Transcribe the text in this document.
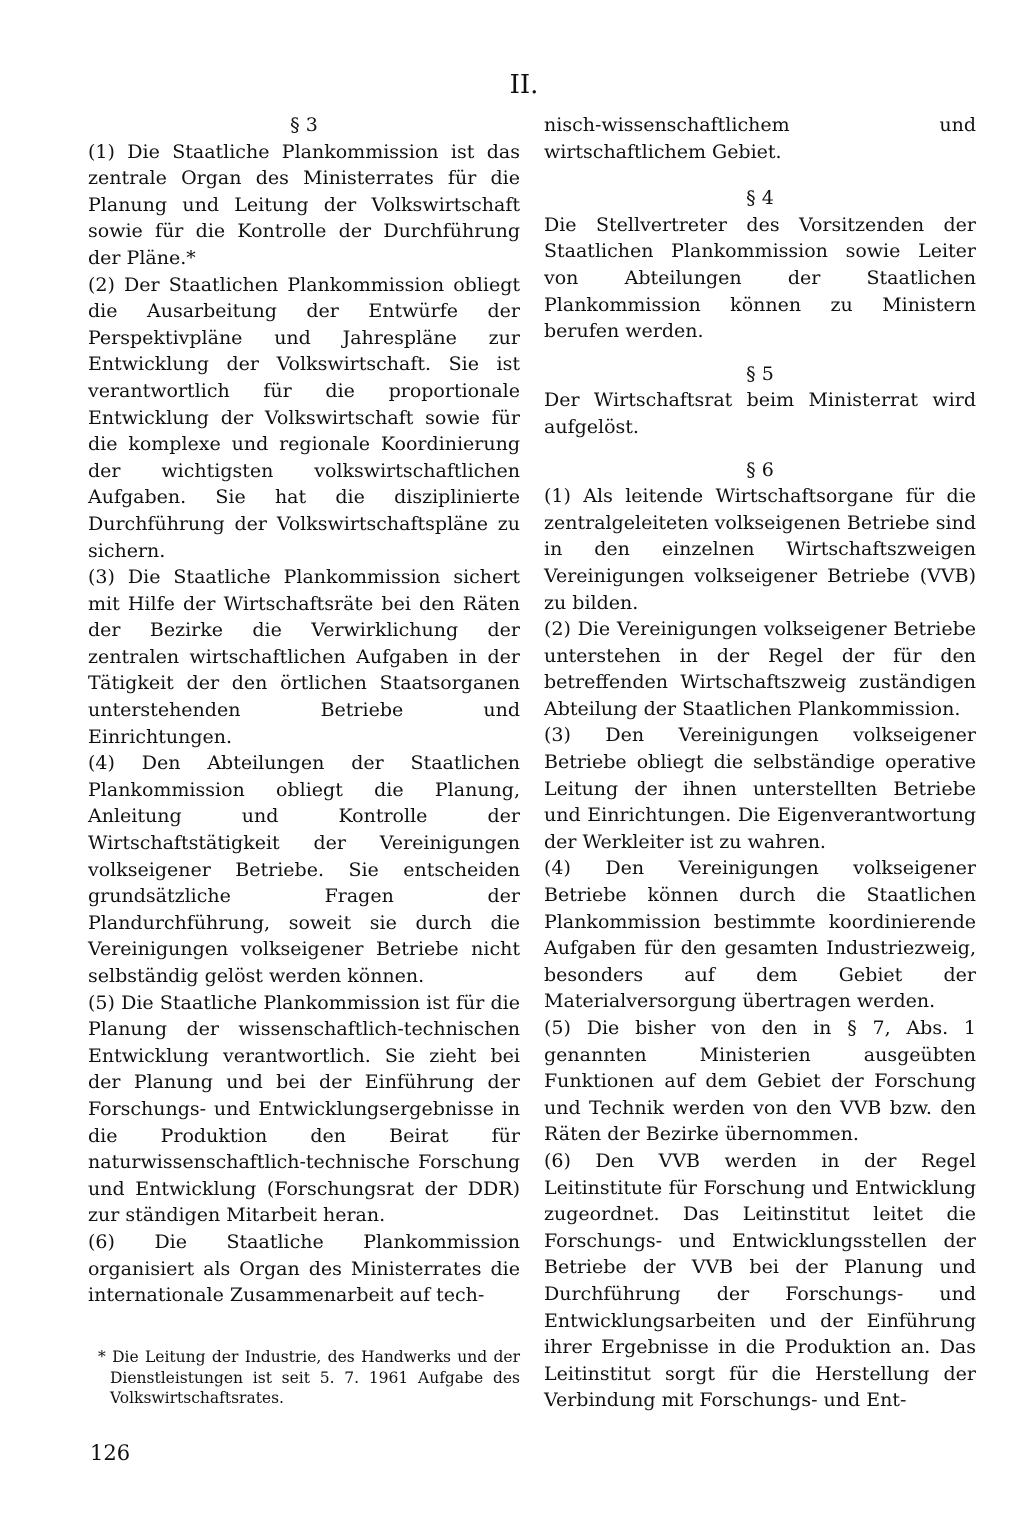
II.

§ 3

(1) Die Staatliche Plankommission ist das zentrale Organ des Ministerrates für die Planung und Leitung der Volkswirtschaft sowie für die Kontrolle der Durchführung der Pläne.*

(2) Der Staatlichen Plankommission obliegt die Ausarbeitung der Entwürfe der Perspektivpläne und Jahrespläne zur Entwicklung der Volkswirtschaft. Sie ist verantwortlich für die proportionale Entwicklung der Volkswirtschaft sowie für die komplexe und regionale Koordinierung der wichtigsten volkswirtschaftlichen Aufgaben. Sie hat die disziplinierte Durchführung der Volkswirtschaftspläne zu sichern.

(3) Die Staatliche Plankommission sichert mit Hilfe der Wirtschaftsräte bei den Räten der Bezirke die Verwirklichung der zentralen wirtschaftlichen Aufgaben in der Tätigkeit der den örtlichen Staatsorganen unterstehenden Betriebe und Einrichtungen.

(4) Den Abteilungen der Staatlichen Plankommission obliegt die Planung, Anleitung und Kontrolle der Wirtschaftstätigkeit der Vereinigungen volkseigener Betriebe. Sie entscheiden grundsätzliche Fragen der Plandurchführung, soweit sie durch die Vereinigungen volkseigener Betriebe nicht selbständig gelöst werden können.

(5) Die Staatliche Plankommission ist für die Planung der wissenschaftlich-technischen Entwicklung verantwortlich. Sie zieht bei der Planung und bei der Einführung der Forschungs- und Entwicklungsergebnisse in die Produktion den Beirat für naturwissenschaftlich-technische Forschung und Entwicklung (Forschungsrat der DDR) zur ständigen Mitarbeit heran.

(6) Die Staatliche Plankommission organisiert als Organ des Ministerrates die internationale Zusammenarbeit auf tech-

nisch-wissenschaftlichem und wirtschaftlichem Gebiet.

§ 4

Die Stellvertreter des Vorsitzenden der Staatlichen Plankommission sowie Leiter von Abteilungen der Staatlichen Plankommission können zu Ministern berufen werden.

§ 5

Der Wirtschaftsrat beim Ministerrat wird aufgelöst.

§ 6

(1) Als leitende Wirtschaftsorgane für die zentralgeleiteten volkseigenen Betriebe sind in den einzelnen Wirtschaftszweigen Vereinigungen volkseigener Betriebe (VVB) zu bilden.

(2) Die Vereinigungen volkseigener Betriebe unterstehen in der Regel der für den betreffenden Wirtschaftszweig zuständigen Abteilung der Staatlichen Plankommission.

(3) Den Vereinigungen volkseigener Betriebe obliegt die selbständige operative Leitung der ihnen unterstellten Betriebe und Einrichtungen. Die Eigenverantwortung der Werkleiter ist zu wahren.

(4) Den Vereinigungen volkseigener Betriebe können durch die Staatlichen Plankommission bestimmte koordinierende Aufgaben für den gesamten Industriezweig, besonders auf dem Gebiet der Materialversorgung übertragen werden.

(5) Die bisher von den in § 7, Abs. 1 genannten Ministerien ausgeübten Funktionen auf dem Gebiet der Forschung und Technik werden von den VVB bzw. den Räten der Bezirke übernommen.

(6) Den VVB werden in der Regel Leitinstitute für Forschung und Entwicklung zugeordnet. Das Leitinstitut leitet die Forschungs- und Entwicklungsstellen der Betriebe der VVB bei der Planung und Durchführung der Forschungs- und Entwicklungsarbeiten und der Einführung ihrer Ergebnisse in die Produktion an. Das Leitinstitut sorgt für die Herstellung der Verbindung mit Forschungs- und Ent-

* Die Leitung der Industrie, des Handwerks und der Dienstleistungen ist seit 5. 7. 1961 Aufgabe des Volkswirtschaftsrates.
126
